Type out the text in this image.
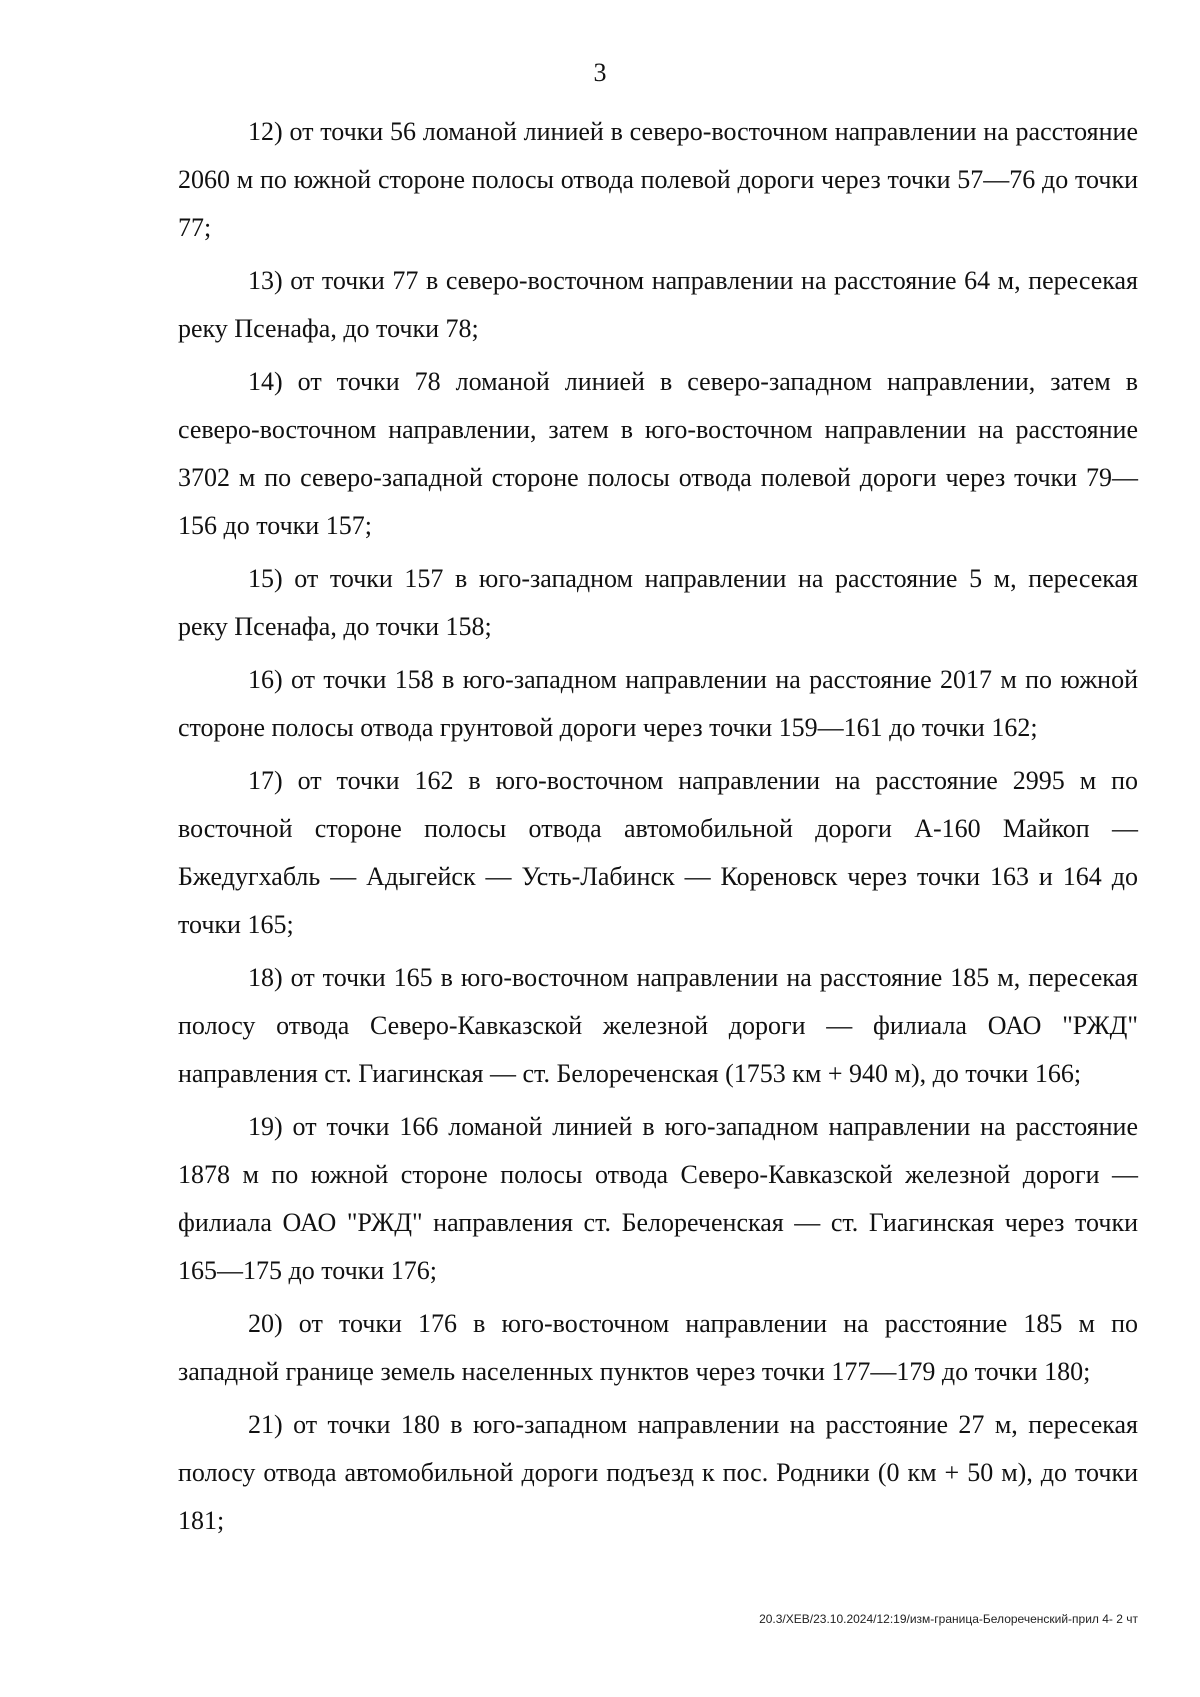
3

12) от точки 56 ломаной линией в северо-восточном направлении на расстояние 2060 м по южной стороне полосы отвода полевой дороги через точки 57—76 до точки 77;

13) от точки 77 в северо-восточном направлении на расстояние 64 м, пересекая реку Псенафа, до точки 78;

14) от точки 78 ломаной линией в северо-западном направлении, затем в северо-восточном направлении, затем в юго-восточном направлении на расстояние 3702 м по северо-западной стороне полосы отвода полевой дороги через точки 79—156 до точки 157;

15) от точки 157 в юго-западном направлении на расстояние 5 м, пересекая реку Псенафа, до точки 158;

16) от точки 158 в юго-западном направлении на расстояние 2017 м по южной стороне полосы отвода грунтовой дороги через точки 159—161 до точки 162;

17) от точки 162 в юго-восточном направлении на расстояние 2995 м по восточной стороне полосы отвода автомобильной дороги А-160 Майкоп — Бжедугхабль — Адыгейск — Усть-Лабинск — Кореновск через точки 163 и 164 до точки 165;

18) от точки 165 в юго-восточном направлении на расстояние 185 м, пересекая полосу отвода Северо-Кавказской железной дороги — филиала ОАО "РЖД" направления ст. Гиагинская — ст. Белореченская (1753 км + 940 м), до точки 166;

19) от точки 166 ломаной линией в юго-западном направлении на расстояние 1878 м по южной стороне полосы отвода Северо-Кавказской железной дороги — филиала ОАО "РЖД" направления ст. Белореченская — ст. Гиагинская через точки 165—175 до точки 176;

20) от точки 176 в юго-восточном направлении на расстояние 185 м по западной границе земель населенных пунктов через точки 177—179 до точки 180;

21) от точки 180 в юго-западном направлении на расстояние 27 м, пересекая полосу отвода автомобильной дороги подъезд к пос. Родники (0 км + 50 м), до точки 181;

20.3/ХЕВ/23.10.2024/12:19/изм-граница-Белореченский-прил 4- 2 чт
